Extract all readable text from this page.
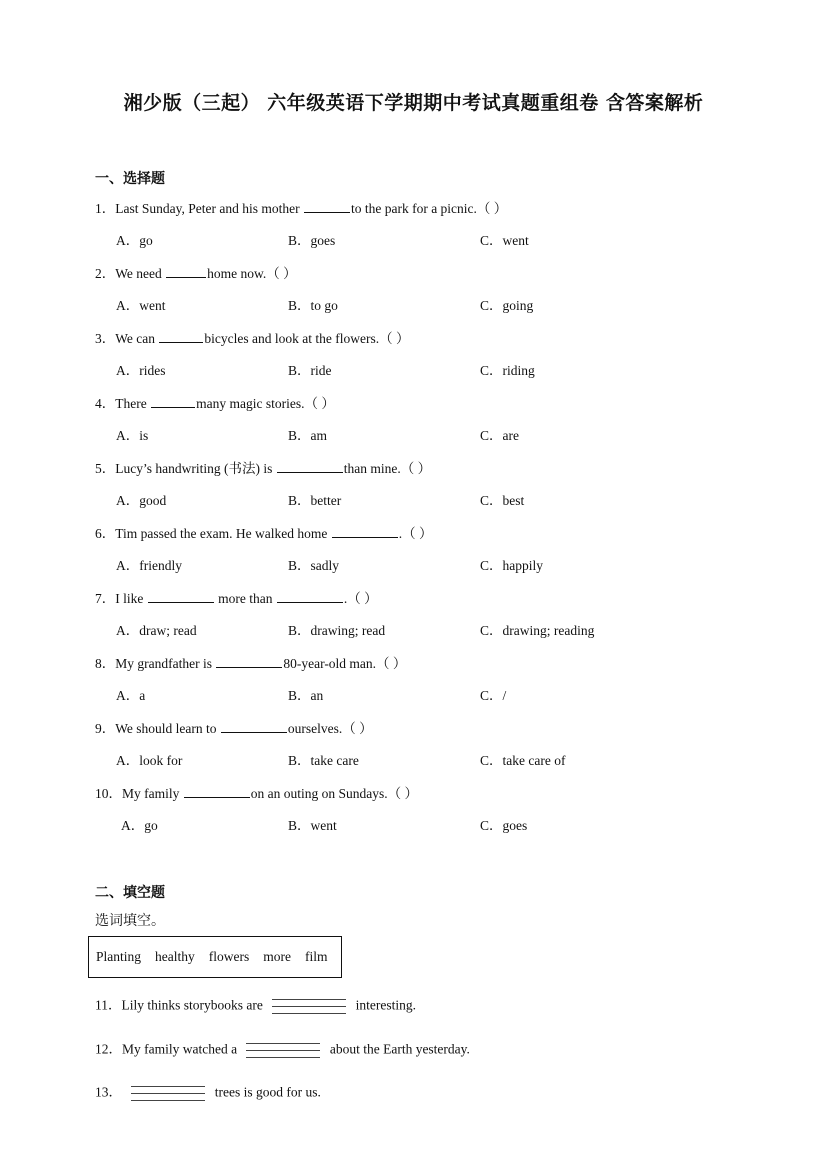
湘少版（三起） 六年级英语下学期期中考试真题重组卷 含答案解析
一、选择题
1．Last Sunday, Peter and his mother	to the park for a picnic.（ ）
A．go	B．goes	C．went
2．We need	home now.（ ）
A．went	B．to go	C．going
3．We can	bicycles and look at the flowers.（ ）
A．rides	B．ride	C．riding
4．There	many magic stories.（ ）
A．is	B．am	C．are
5．Lucy’s handwriting (书法) is	than mine.（ ）
A．good	B．better	C．best
6．Tim passed the exam. He walked home	.（ ）
A．friendly	B．sadly	C．happily
7．I like	more than	.（ ）
A．draw; read	B．drawing; read	C．drawing; reading
8．My grandfather is	80-year-old man.（ ）
A．a	B．an	C．/
9．We should learn to	ourselves.（ ）
A．look for	B．take care	C．take care of
10．My family	on an outing on Sundays.（ ）
A．go	B．went	C．goes
二、填空题
选词填空。
Planting healthy flowers more film
11．Lily thinks storybooks are	interesting.
12．My family watched a	about the Earth yesterday.
13．	trees is good for us.
